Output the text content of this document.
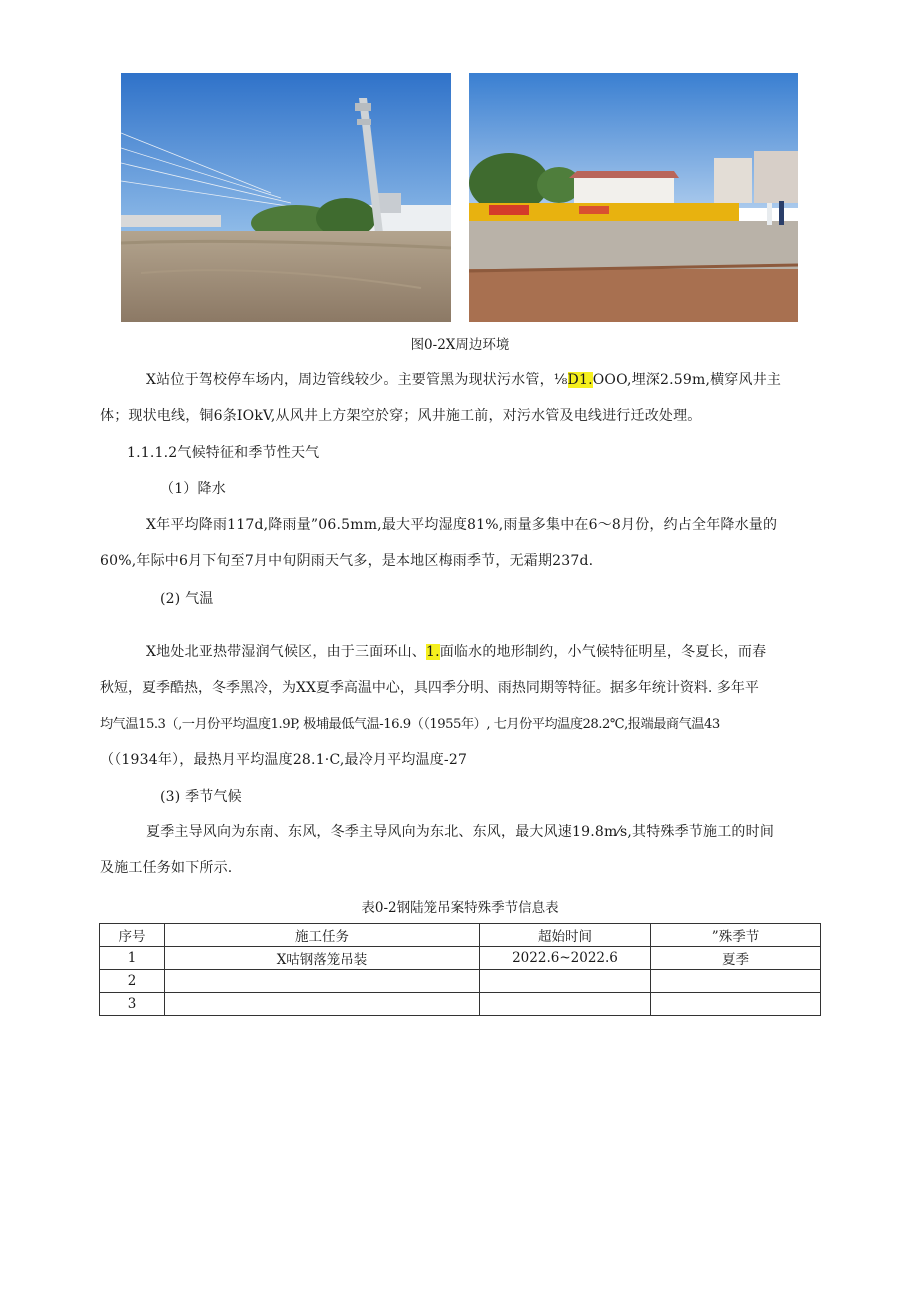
图0-2X周边环境
X站位于驾校停车场内，周边管线较少。主要管黑为现状污水管，⅛D1.OOO,埋深2.59m,横穿风井主
体；现状电线，铜6条IOkV,从风井上方架空於穿；风井施工前，对污水管及电线进行迁改处理。
1.1.1.2气候特征和季节性天气
（1）降水
X年平均降雨117d,降雨量”06.5mm,最大平均湿度81%,雨量多集中在6～8月份，约占全年降水量的
60%,年际中6月下旬至7月中旬阴雨天气多，是本地区梅雨季节，无霜期237d.
(2) 气温
X地处北亚热带湿润气候区，由于三面环山、1.面临水的地形制约，小气候特征明星，冬夏长，而春
秋短，夏季酷热，冬季黑冷，为XX夏季高温中心，具四季分明、雨热同期等特征。据多年统计资料. 多年平
均气温15.3（,一月份平均温度1.9P, 极埔最低气温-16.9（（1955年）, 七月份平均温度28.2℃,报端最商气温43
（（1934年），最热月平均温度28.1·C,最冷月平均温度-27
(3) 季节气候
夏季主导风向为东南、东风，冬季主导风向为东北、东风，最大风速19.8m⁄s,其特殊季节施工的时间
及施工任务如下所示.
表0-2钢陆笼吊案特殊季节信息表
序号	施工任务	超始时间	”殊季节
1	X咕钢落笼吊装	2022.6~2022.6	夏季
2			
3			
